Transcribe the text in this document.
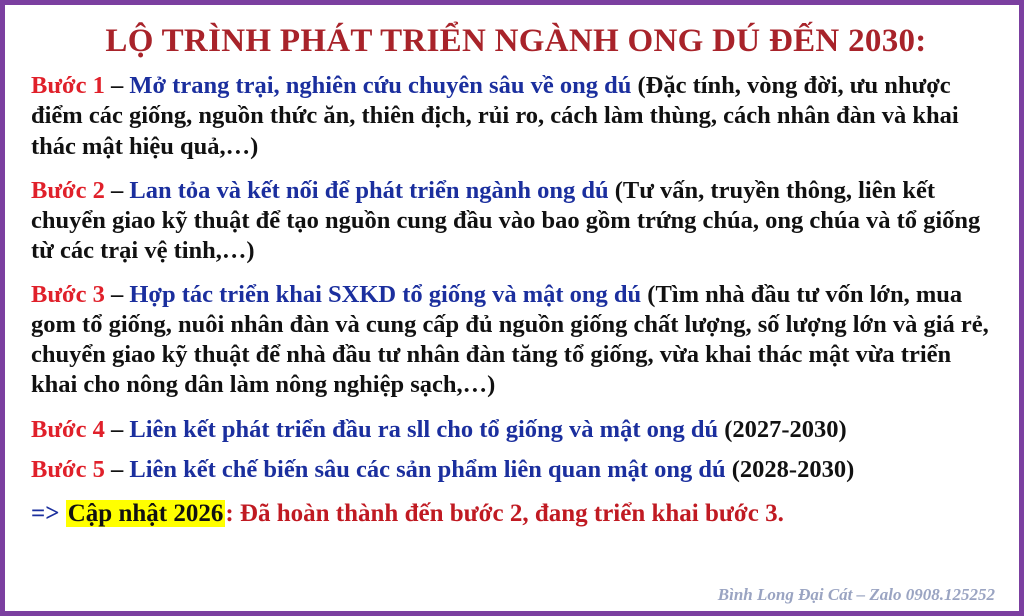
LỘ TRÌNH PHÁT TRIỂN NGÀNH ONG DÚ ĐẾN 2030:

Bước 1 – Mở trang trại, nghiên cứu chuyên sâu về ong dú (Đặc tính, vòng đời, ưu nhược điểm các giống, nguồn thức ăn, thiên địch, rủi ro, cách làm thùng, cách nhân đàn và khai thác mật hiệu quả,…)

Bước 2 – Lan tỏa và kết nối để phát triển ngành ong dú (Tư vấn, truyền thông, liên kết chuyển giao kỹ thuật để tạo nguồn cung đầu vào bao gồm trứng chúa, ong chúa và tổ giống từ các trại vệ tinh,…)

Bước 3 – Hợp tác triển khai SXKD tổ giống và mật ong dú (Tìm nhà đầu tư vốn lớn, mua gom tổ giống, nuôi nhân đàn và cung cấp đủ nguồn giống chất lượng, số lượng lớn và giá rẻ, chuyển giao kỹ thuật để nhà đầu tư nhân đàn tăng tổ giống, vừa khai thác mật vừa triển khai cho nông dân làm nông nghiệp sạch,…)

Bước 4 – Liên kết phát triển đầu ra sll cho tổ giống và mật ong dú (2027-2030)

Bước 5 – Liên kết chế biến sâu các sản phẩm liên quan mật ong dú (2028-2030)

=> Cập nhật 2026: Đã hoàn thành đến bước 2, đang triển khai bước 3.
Bình Long Đại Cát – Zalo 0908.125252
